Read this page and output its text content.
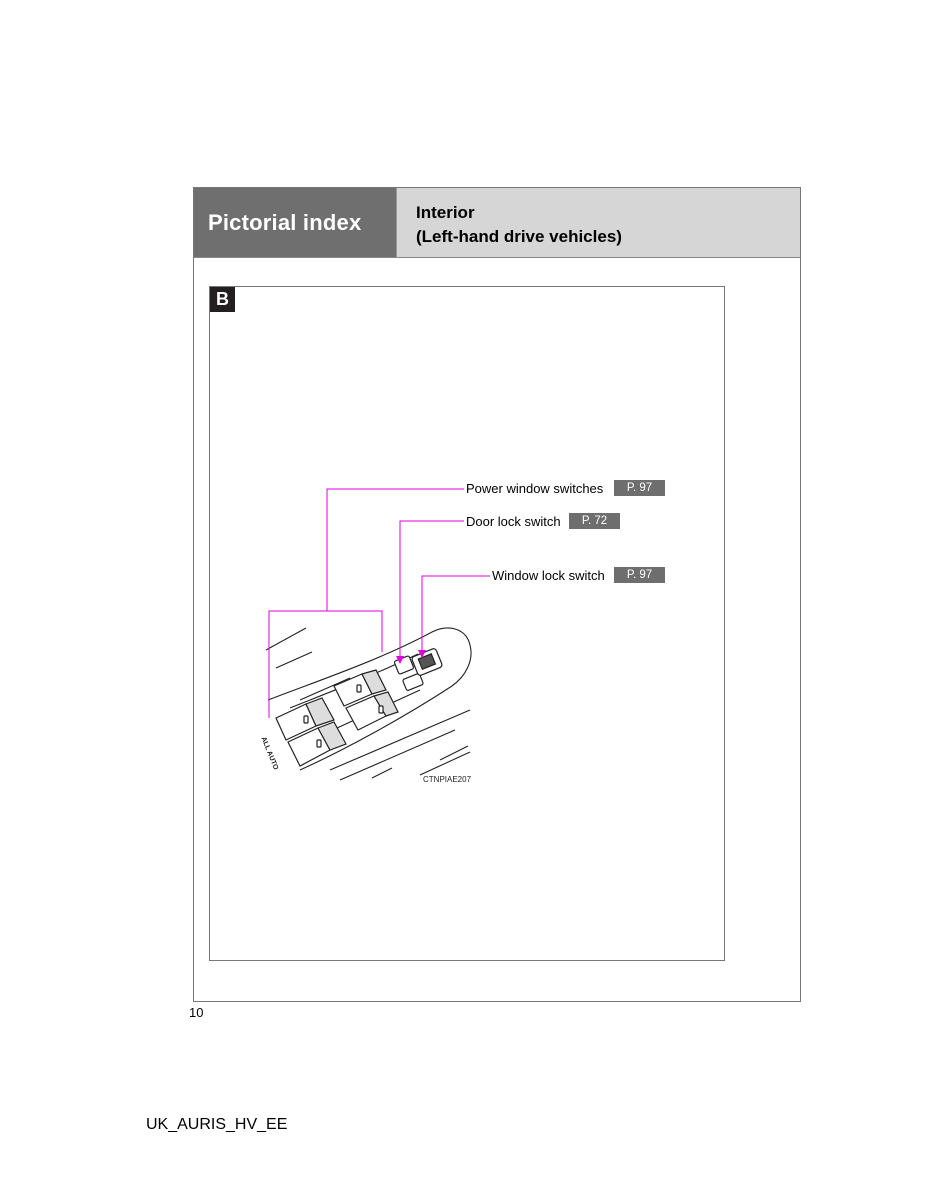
Pictorial index	Interior
(Left-hand drive vehicles)
B
Power window switches	P. 97
Door lock switch	P. 72
Window lock switch	P. 97
ALL AUTO
CTNPIAE207
10
UK_AURIS_HV_EE
